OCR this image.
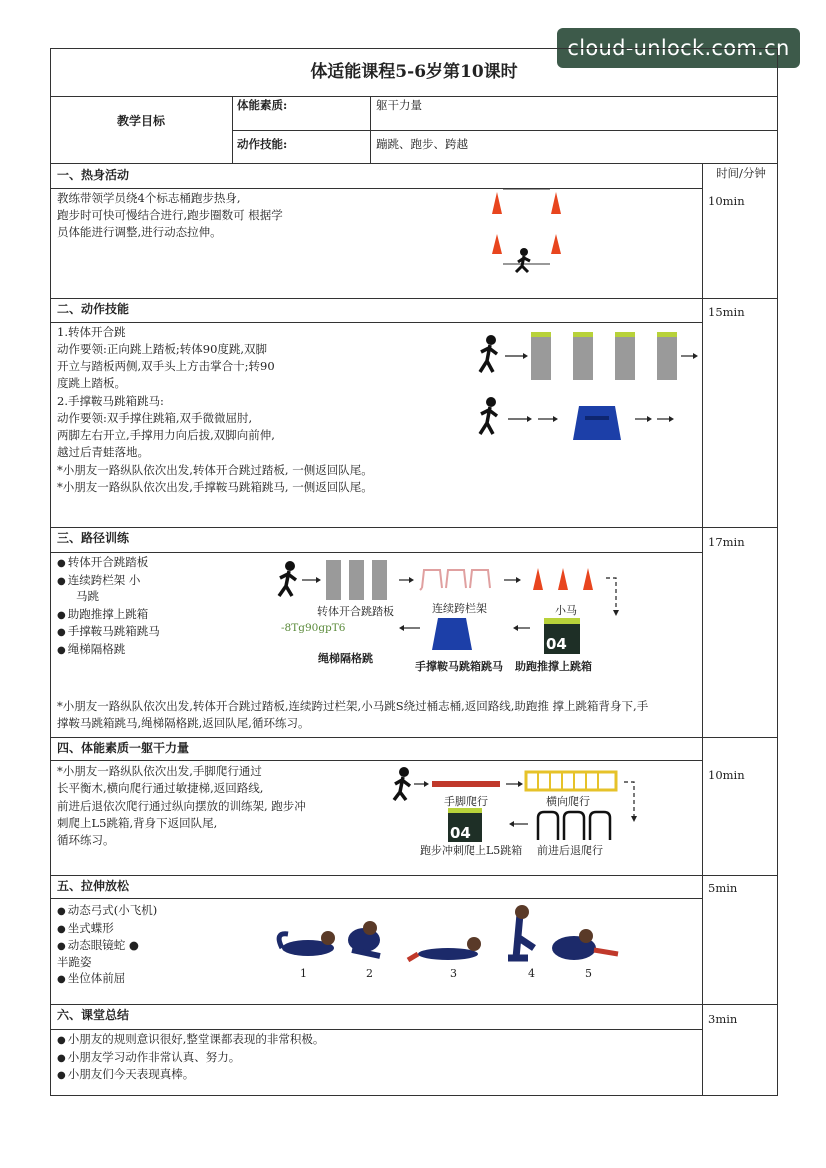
cloud-unlock.com.cn
体适能课程5-6岁第10课时
教学目标
体能素质:	躯干力量
动作技能:	蹦跳、跑步、跨越
时间/分钟
一、热身活动
教练带领学员绕4个标志桶跑步热身,
跑步时可快可慢结合进行,跑步圈数可 根据学
员体能进行调整,进行动态拉伸。
10min
二、动作技能
1.转体开合跳
动作要领:正向跳上踏板;转体90度跳,双脚
开立与踏板两侧,双手头上方击掌合十;转90
度跳上踏板。
2.手撑鞍马跳箱跳马:
动作要领:双手撑住跳箱,双手微微屈肘,
两脚左右开立,手撑用力向后拔,双脚向前伸,
越过后青蛙落地。
*小朋友一路纵队依次出发,转体开合跳过踏板, 一侧返回队尾。
*小朋友一路纵队依次出发,手撑鞍马跳箱跳马, 一侧返回队尾。
15min
三、路径训练
● 转体开合跳踏板
● 连续跨栏架 小
马跳
● 助跑推撑上跳箱
● 手撑鞍马跳箱跳马
● 绳梯隔格跳
17min
转体开合跳踏板	连续跨栏架	小马
-8Tg90gpT6
绳梯隔格跳
手撑鞍马跳箱跳马 助跑推撑上跳箱
04
*小朋友一路纵队依次出发,转体开合跳过踏板,连续跨过栏架,小马跳S绕过桶志桶,返回路线,助跑推 撑上跳箱背身下,手
撑鞍马跳箱跳马,绳梯隔格跳,返回队尾,循环练习。
四、体能素质一躯干力量
*小朋友一路纵队依次出发,手脚爬行通过
长平衡木,横向爬行通过敏捷梯,返回路线,
前进后退依次爬行通过纵向摆放的训练架, 跑步冲
刺爬上L5跳箱,背身下返回队尾,
循环练习。
10min
手脚爬行	横向爬行
跑步冲刺爬上L5跳箱 前进后退爬行
04
五、拉伸放松
● 动态弓式(小飞机)
● 坐式蝶形
● 动态眼镜蛇 ●
半跪姿
● 坐位体前屈
5min
1	2	3	4	5
六、课堂总结
● 小朋友的规则意识很好,整堂课都表现的非常积极。
● 小朋友学习动作非常认真、努力。
● 小朋友们今天表现真棒。
3min
